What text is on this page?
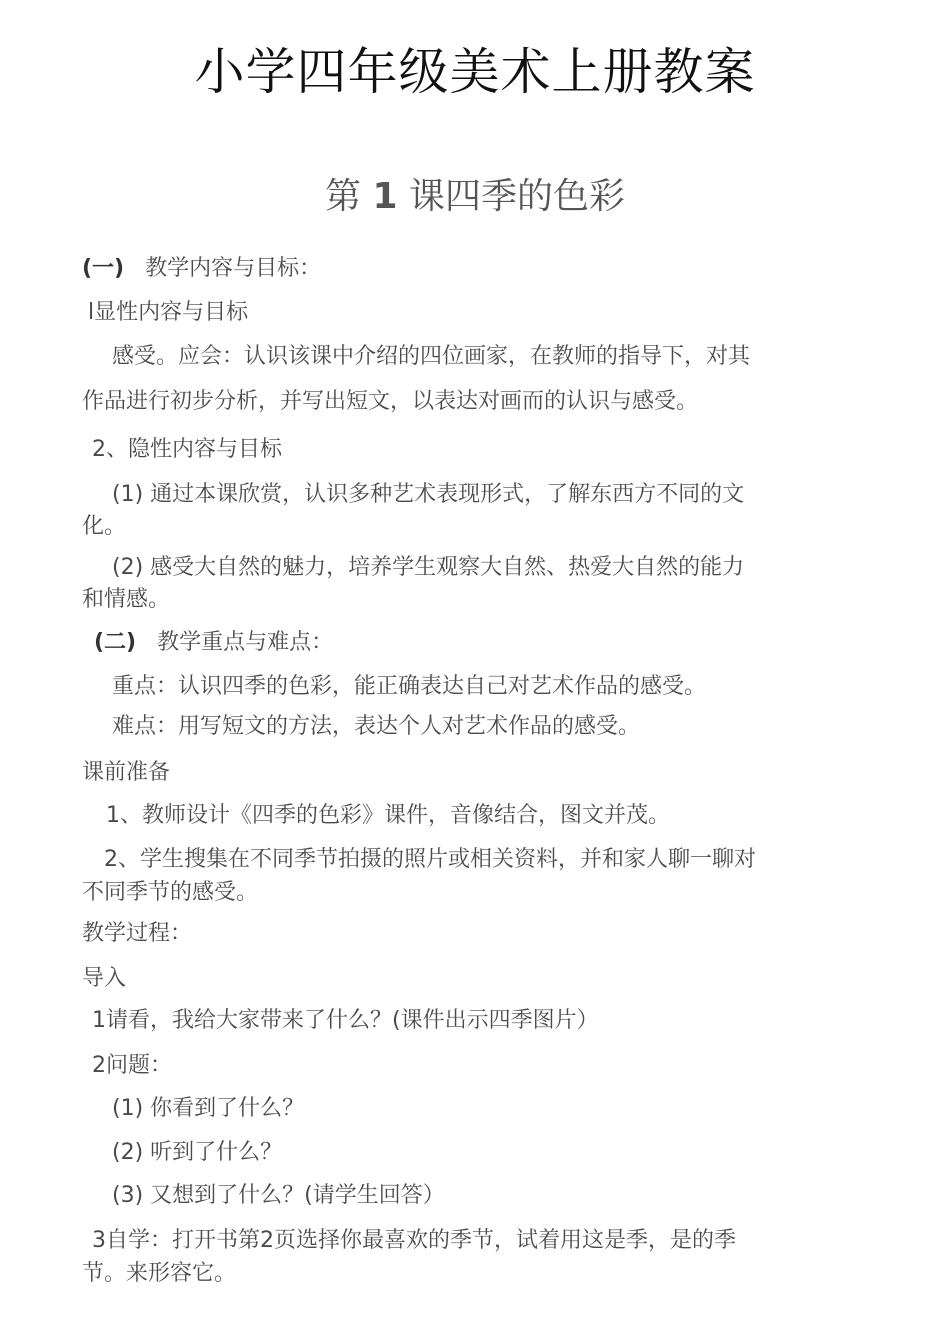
小学四年级美术上册教案
第 1 课四季的色彩

(一) 教学内容与目标：

l显性内容与目标

感受。应会：认识该课中介绍的四位画家，在教师的指导下，对其

作品进行初步分析，并写出短文，以表达对画而的认识与感受。

2、隐性内容与目标

(1) 通过本课欣赏，认识多种艺术表现形式，了解东西方不同的文

化。

(2) 感受大自然的魅力，培养学生观察大自然、热爱大自然的能力

和情感。

(二) 教学重点与难点：

重点：认识四季的色彩，能正确表达自己对艺术作品的感受。

难点：用写短文的方法，表达个人对艺术作品的感受。

课前准备

1、教师设计《四季的色彩》课件，音像结合，图文并茂。

2、学生搜集在不同季节拍摄的照片或相关资料，并和家人聊一聊对

不同季节的感受。

教学过程：

导入

1请看，我给大家带来了什么？(课件出示四季图片）

2问题：

(1) 你看到了什么？

(2) 听到了什么？

(3) 又想到了什么？(请学生回答）

3自学：打开书第2页选择你最喜欢的季节，试着用这是季，是的季

节。来形容它。
